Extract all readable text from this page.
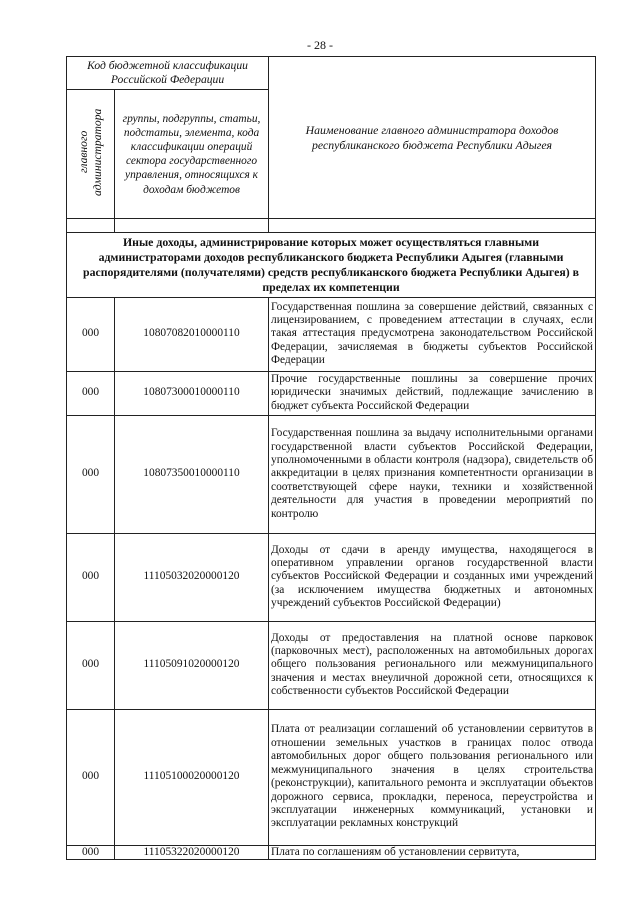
- 28 -
Код бюджетной классификации Российской Федерации		Наименование главного администратора доходов республиканского бюджета Республики Адыгея
главного администратора	группы, подгруппы, статьи, подстатьи, элемента, кода классификации операций сектора государственного управления, относящихся к доходам бюджетов	

Иные доходы, администрирование которых может осуществляться главными администраторами доходов республиканского бюджета Республики Адыгея (главными распорядителями (получателями) средств республиканского бюджета Республики Адыгея) в пределах их компетенции		
000	10807082010000110	Государственная пошлина за совершение действий, связанных с лицензированием, с проведением аттестации в случаях, если такая аттестация предусмотрена законодательством Российской Федерации, зачисляемая в бюджеты субъектов Российской Федерации
000	10807300010000110	Прочие государственные пошлины за совершение прочих юридически значимых действий, подлежащие зачислению в бюджет субъекта Российской Федерации
000	10807350010000110	Государственная пошлина за выдачу исполнительными органами государственной власти субъектов Российской Федерации, уполномоченными в области контроля (надзора), свидетельств об аккредитации в целях признания компетентности организации в соответствующей сфере науки, техники и хозяйственной деятельности для участия в проведении мероприятий по контролю
000	11105032020000120	Доходы от сдачи в аренду имущества, находящегося в оперативном управлении органов государственной власти субъектов Российской Федерации и созданных ими учреждений (за исключением имущества бюджетных и автономных учреждений субъектов Российской Федерации)
000	11105091020000120	Доходы от предоставления на платной основе парковок (парковочных мест), расположенных на автомобильных дорогах общего пользования регионального или межмуниципального значения и местах внеуличной дорожной сети, относящихся к собственности субъектов Российской Федерации
000	11105100020000120	Плата от реализации соглашений об установлении сервитутов в отношении земельных участков в границах полос отвода автомобильных дорог общего пользования регионального или межмуниципального значения в целях строительства (реконструкции), капитального ремонта и эксплуатации объектов дорожного сервиса, прокладки, переноса, переустройства и эксплуатации инженерных коммуникаций, установки и эксплуатации рекламных конструкций
000	11105322020000120	Плата по соглашениям об установлении сервитута,
